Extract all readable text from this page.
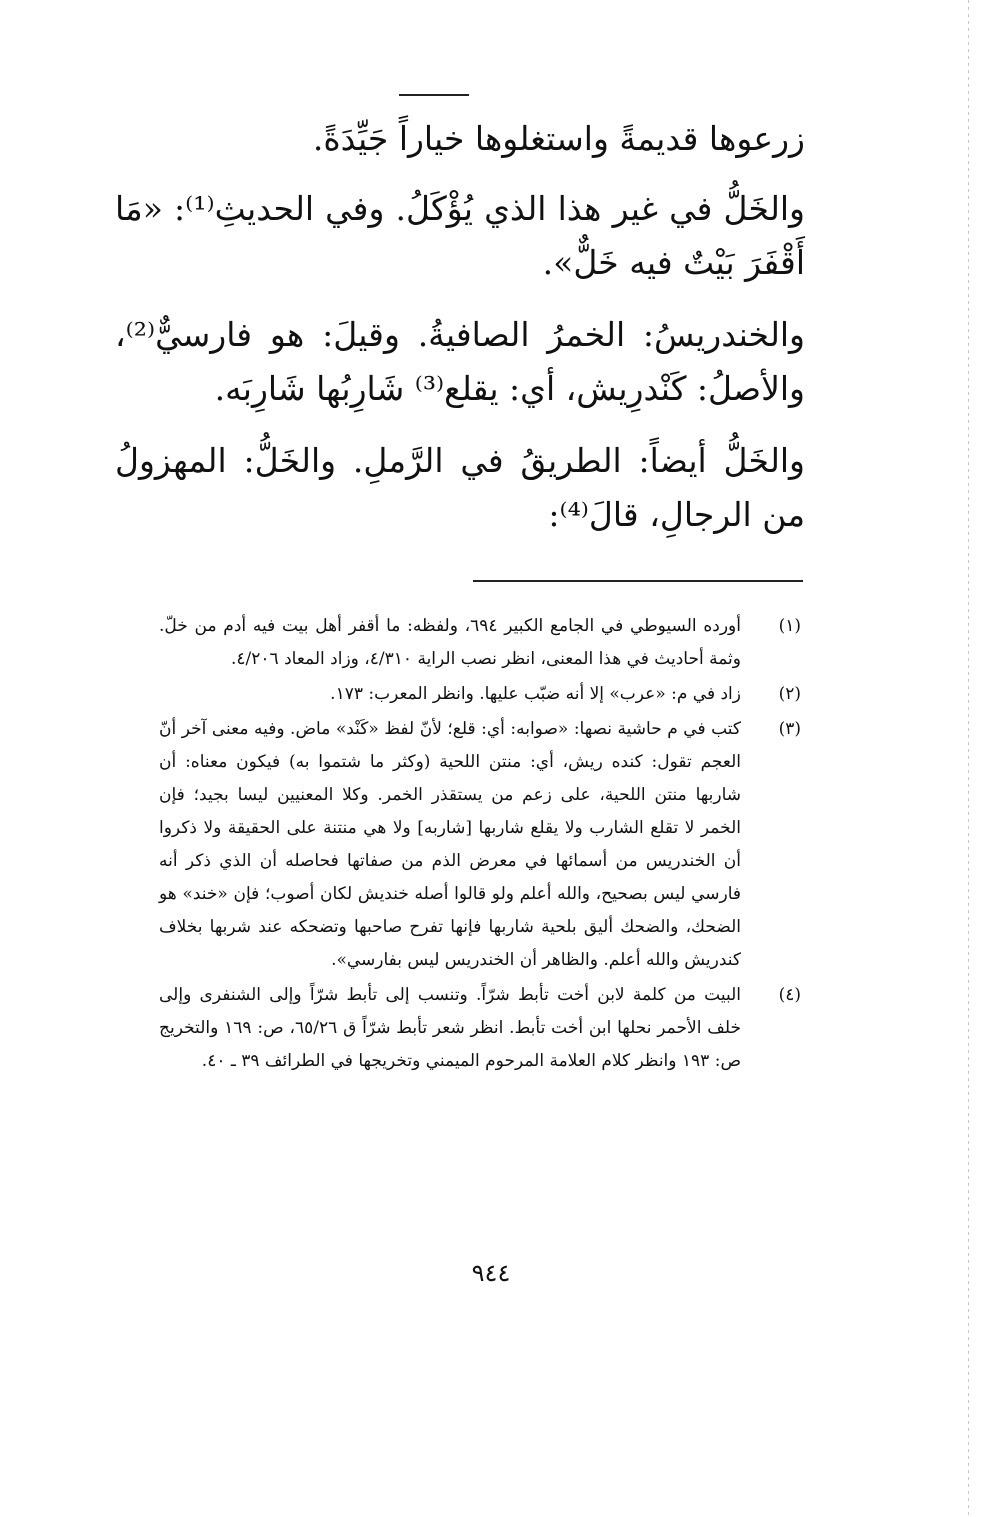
زرعوها قديمةً واستغلوها خياراً جَيِّدَةً.

والخَلُّ في غير هذا الذي يُؤْكَلُ. وفي الحديثِ⁽¹⁾: «مَا أَقْفَرَ بَيْتٌ فيه خَلٌّ».

والخندريسُ: الخمرُ الصافيةُ. وقيلَ: هو فارسيٌّ⁽²⁾، والأصلُ: كَنْدرِيش، أي: يقلع⁽³⁾ شَارِبُها شَارِبَه.

والخَلُّ أيضاً: الطريقُ في الرَّملِ. والخَلُّ: المهزولُ من الرجالِ، قالَ⁽⁴⁾:

(١)
أورده السيوطي في الجامع الكبير ٦٩٤، ولفظه: ما أقفر أهل بيت فيه أدم من خلّ. وثمة أحاديث في هذا المعنى، انظر نصب الراية ٤/٣١٠، وزاد المعاد ٤/٢٠٦.
(٢)
زاد في م: «عرب» إلا أنه ضبّب عليها. وانظر المعرب: ١٧٣.
(٣)
كتب في م حاشية نصها: «صوابه: أي: قلع؛ لأنّ لفظ «كَنْد» ماض. وفيه معنى آخر أنّ العجم تقول: كنده ريش، أي: منتن اللحية (وكثر ما شتموا به) فيكون معناه: أن شاربها منتن اللحية، على زعم من يستقذر الخمر. وكلا المعنيين ليسا بجيد؛ فإن الخمر لا تقلع الشارب ولا يقلع شاربها [شاربه] ولا هي منتنة على الحقيقة ولا ذكروا أن الخندريس من أسمائها في معرض الذم من صفاتها فحاصله أن الذي ذكر أنه فارسي ليس بصحيح، والله أعلم ولو قالوا أصله خنديش لكان أصوب؛ فإن «خند» هو الضحك، والضحك أليق بلحية شاربها فإنها تفرح صاحبها وتضحكه عند شربها بخلاف كندريش والله أعلم. والظاهر أن الخندريس ليس بفارسي».
(٤)
البيت من كلمة لابن أخت تأبط شرّاً. وتنسب إلى تأبط شرّاً وإلى الشنفرى وإلى خلف الأحمر نحلها ابن أخت تأبط. انظر شعر تأبط شرّاً ق ٦٥/٢٦، ص: ١٦٩ والتخريج ص: ١٩٣ وانظر كلام العلامة المرحوم الميمني وتخريجها في الطرائف ٣٩ ـ ٤٠.
٩٤٤
